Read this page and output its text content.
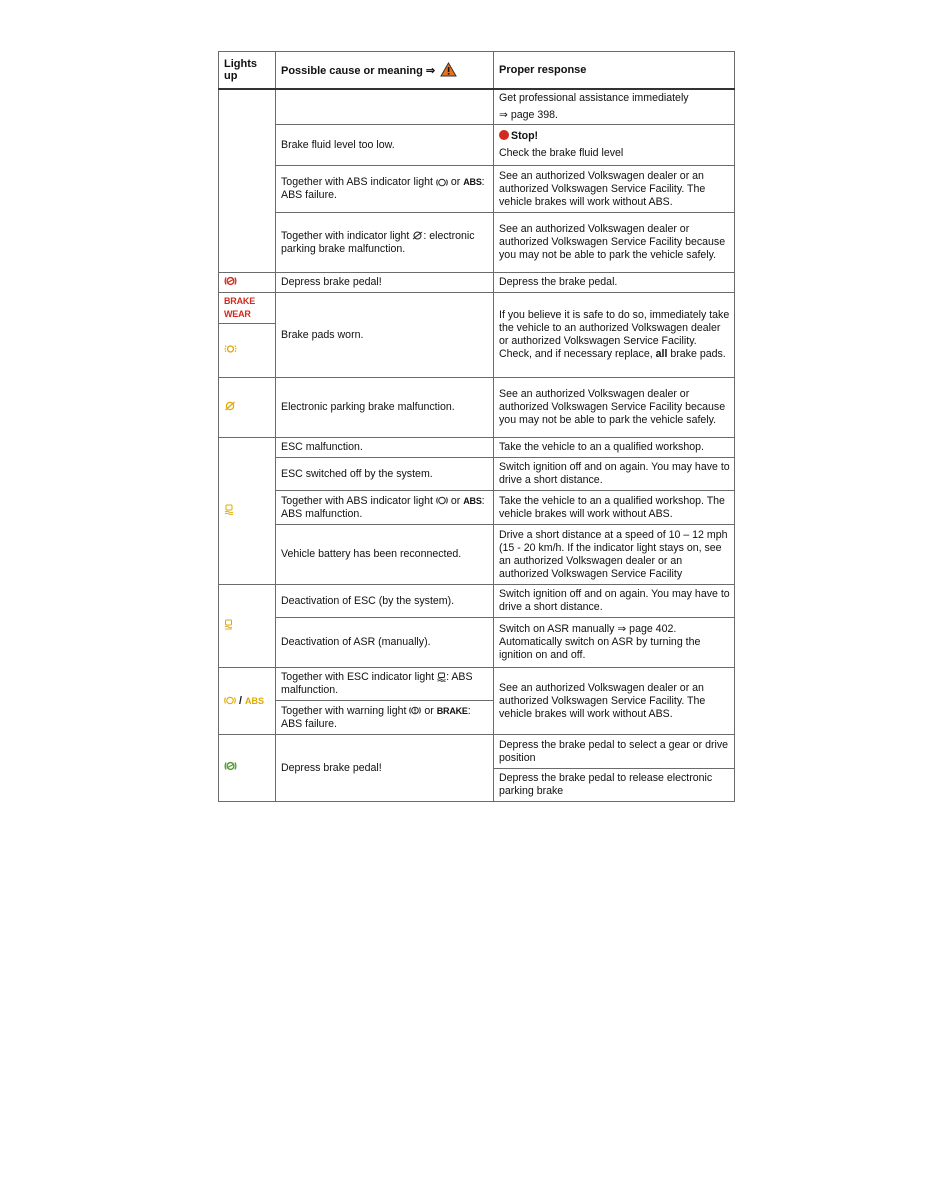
Lights up	Possible cause or meaning ⇒	Proper response
		Get professional assistance immediately
⇒ page 398.

	Brake fluid level too low.	Stop!
Check the brake fluid level

	Together with ABS indicator light  or ABS: ABS failure.	See an authorized Volkswagen dealer or an authorized Volkswagen Service Facility. The vehicle brakes will work without ABS.
	Together with indicator light : electronic parking brake malfunction.	See an authorized Volkswagen dealer or authorized Volkswagen Service Facility because you may not be able to park the vehicle safely.
	Depress brake pedal!	Depress the brake pedal.
BRAKE WEAR	Brake pads worn.	If you believe it is safe to do so, immediately take the vehicle to an authorized Volkswagen dealer or authorized Volkswagen Service Facility. Check, and if necessary replace, all brake pads.

	Electronic parking brake malfunction.	See an authorized Volkswagen dealer or authorized Volkswagen Service Facility because you may not be able to park the vehicle safely.
	ESC malfunction.	Take the vehicle to an a qualified workshop.
	ESC switched off by the system.	Switch ignition off and on again. You may have to drive a short distance.
	Together with ABS indicator light  or ABS: ABS malfunction.	Take the vehicle to an a qualified workshop. The vehicle brakes will work without ABS.
	Vehicle battery has been reconnected.	Drive a short distance at a speed of 10 – 12 mph (15 - 20 km/h. If the indicator light stays on, see an authorized Volkswagen dealer or an authorized Volkswagen Service Facility
	Deactivation of ESC (by the system).	Switch ignition off and on again. You may have to drive a short distance.
	Deactivation of ASR (manually).	Switch on ASR manually ⇒ page 402. Automatically switch on ASR by turning the ignition on and off.
/ ABS	Together with ESC indicator light : ABS malfunction.	See an authorized Volkswagen dealer or an authorized Volkswagen Service Facility. The vehicle brakes will work without ABS.
	Together with warning light  or BRAKE: ABS failure.	
	Depress brake pedal!	Depress the brake pedal to select a gear or drive position
		Depress the brake pedal to release electronic parking brake
